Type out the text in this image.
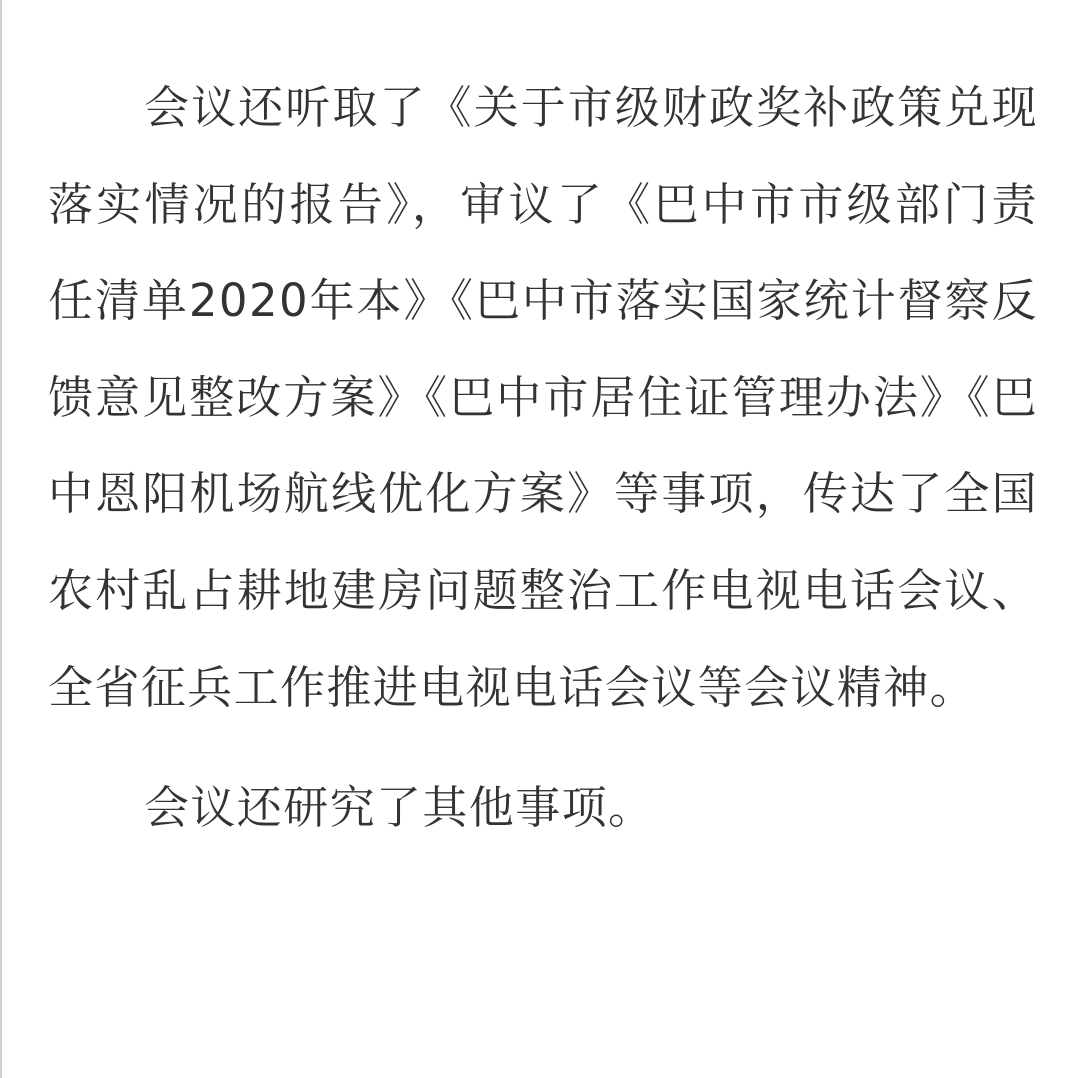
会议还听取了《关于市级财政奖补政策兑现落实情况的报告》，审议了《巴中市市级部门责任清单2020年本》《巴中市落实国家统计督察反馈意见整改方案》《巴中市居住证管理办法》《巴中恩阳机场航线优化方案》等事项，传达了全国农村乱占耕地建房问题整治工作电视电话会议、全省征兵工作推进电视电话会议等会议精神。

会议还研究了其他事项。
